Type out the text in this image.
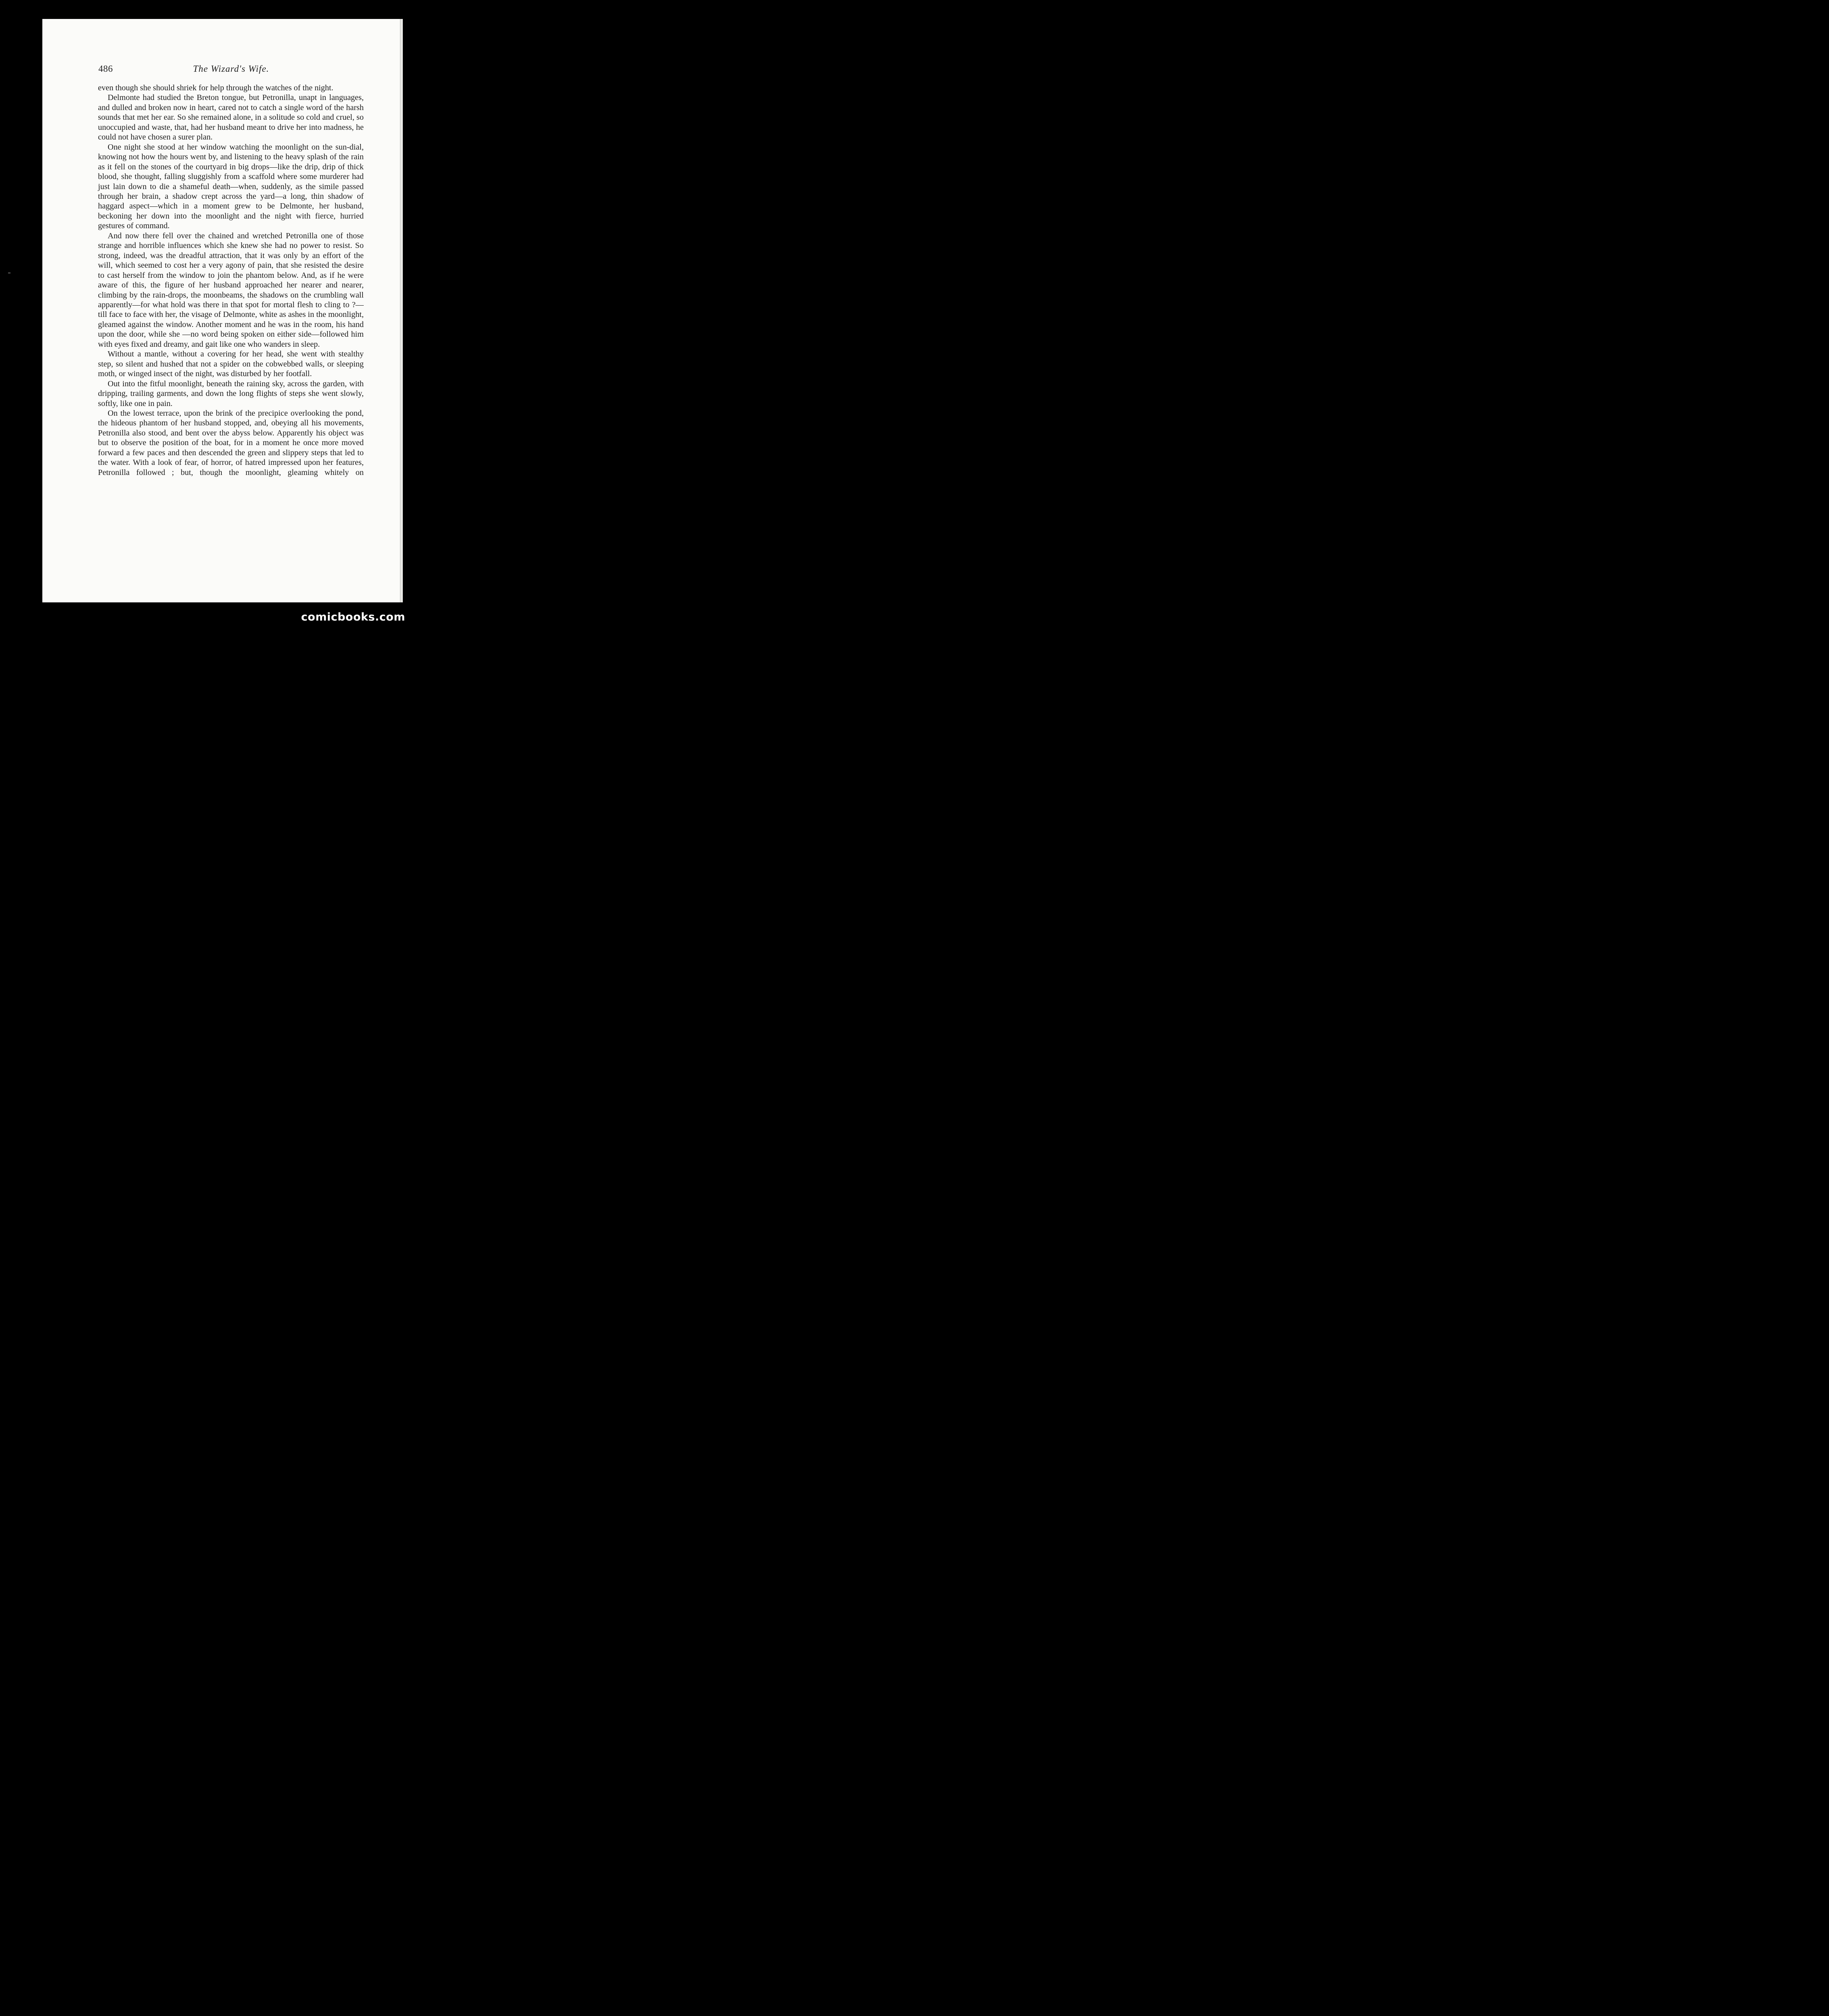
486	The Wizard's Wife.

even though she should shriek for help through the watches of the night.

Delmonte had studied the Breton tongue, but Petronilla, unapt in languages, and dulled and broken now in heart, cared not to catch a single word of the harsh sounds that met her ear. So she remained alone, in a solitude so cold and cruel, so unoccupied and waste, that, had her husband meant to drive her into madness, he could not have chosen a surer plan.

One night she stood at her window watching the moonlight on the sun-dial, knowing not how the hours went by, and listening to the heavy splash of the rain as it fell on the stones of the courtyard in big drops—like the drip, drip of thick blood, she thought, falling sluggishly from a scaffold where some murderer had just lain down to die a shameful death—when, suddenly, as the simile passed through her brain, a shadow crept across the yard—a long, thin shadow of haggard aspect—which in a moment grew to be Delmonte, her husband, beckoning her down into the moonlight and the night with fierce, hurried gestures of command.

And now there fell over the chained and wretched Petronilla one of those strange and horrible influences which she knew she had no power to resist. So strong, indeed, was the dreadful attraction, that it was only by an effort of the will, which seemed to cost her a very agony of pain, that she resisted the desire to cast herself from the window to join the phantom below. And, as if he were aware of this, the figure of her husband approached her nearer and nearer, climbing by the rain-drops, the moonbeams, the shadows on the crumbling wall apparently—for what hold was there in that spot for mortal flesh to cling to ?—till face to face with her, the visage of Delmonte, white as ashes in the moonlight, gleamed against the window. Another moment and he was in the room, his hand upon the door, while she —no word being spoken on either side—followed him with eyes fixed and dreamy, and gait like one who wanders in sleep.

Without a mantle, without a covering for her head, she went with stealthy step, so silent and hushed that not a spider on the cobwebbed walls, or sleeping moth, or winged insect of the night, was disturbed by her footfall.

Out into the fitful moonlight, beneath the raining sky, across the garden, with dripping, trailing garments, and down the long flights of steps she went slowly, softly, like one in pain.

On the lowest terrace, upon the brink of the precipice overlooking the pond, the hideous phantom of her husband stopped, and, obeying all his movements, Petronilla also stood, and bent over the abyss below. Apparently his object was but to observe the position of the boat, for in a moment he once more moved forward a few paces and then descended the green and slippery steps that led to the water. With a look of fear, of horror, of hatred impressed upon her features, Petronilla followed ; but, though the moonlight, gleaming whitely on

comicbooks.com
